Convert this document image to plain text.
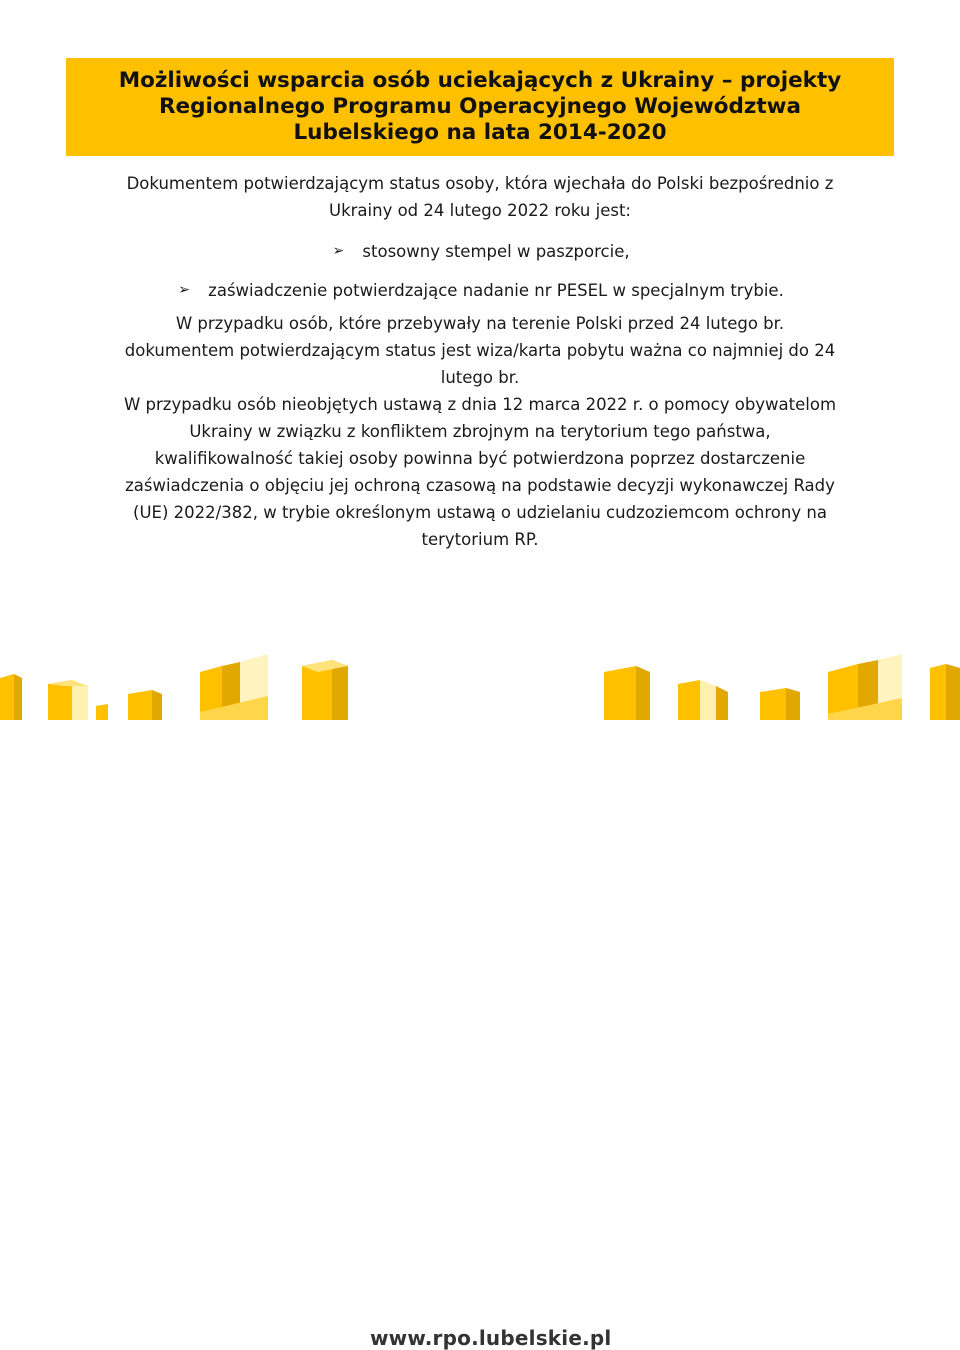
Możliwości wsparcia osób uciekających z Ukrainy – projekty
Regionalnego Programu Operacyjnego Województwa
Lubelskiego na lata 2014-2020

Dokumentem potwierdzającym status osoby, która wjechała do Polski bezpośrednio z
Ukrainy od 24 lutego 2022 roku jest:

➢ stosowny stempel w paszporcie,
➢ zaświadczenie potwierdzające nadanie nr PESEL w specjalnym trybie.

W przypadku osób, które przebywały na terenie Polski przed 24 lutego br.
dokumentem potwierdzającym status jest wiza/karta pobytu ważna co najmniej do 24
lutego br.

W przypadku osób nieobjętych ustawą z dnia 12 marca 2022 r. o pomocy obywatelom
Ukrainy w związku z konfliktem zbrojnym na terytorium tego państwa,
kwalifikowalność takiej osoby powinna być potwierdzona poprzez dostarczenie
zaświadczenia o objęciu jej ochroną czasową na podstawie decyzji wykonawczej Rady
(UE) 2022/382, w trybie określonym ustawą o udzielaniu cudzoziemcom ochrony na
terytorium RP.

www.rpo.lubelskie.pl
